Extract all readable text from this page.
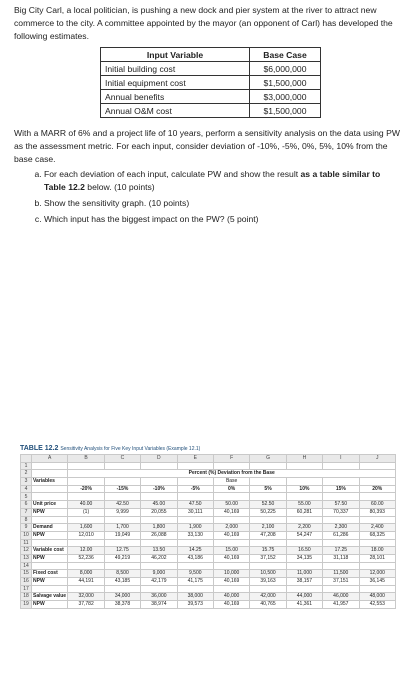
Big City Carl, a local politician, is pushing a new dock and pier system at the river to attract new commerce to the city. A committee appointed by the mayor (an opponent of Carl) has developed the following estimates.
Input Variable	Base Case
Initial building cost	$6,000,000
Initial equipment cost	$1,500,000
Annual benefits	$3,000,000
Annual O&M cost	$1,500,000
With a MARR of 6% and a project life of 10 years, perform a sensitivity analysis on the data using PW as the assessment metric. For each input, consider deviation of -10%, -5%, 0%, 5%, 10% from the base case.
a. For each deviation of each input, calculate PW and show the result as a table similar to Table 12.2 below. (10 points)
b. Show the sensitivity graph. (10 points)
c. Which input has the biggest impact on the PW? (5 point)
TABLE 12.2 Sensitivity Analysis for Five Key Input Variables (Example 12.1)
	A	B	C	D	E	F	G	H	I	J
1										
2		Percent (%) Deviation from the Base								
3	Variables					Base				
4		-20%	-15%	-10%	-5%	0%	5%	10%	15%	20%
5										
6	Unit price	40.00	42.50	45.00	47.50	50.00	52.50	55.00	57.50	60.00
7	NPW	(1)	9,999	20,055	30,111	40,169	50,225	60,281	70,337	80,393
8										
9	Demand	1,600	1,700	1,800	1,900	2,000	2,100	2,200	2,300	2,400
10	NPW	12,010	19,049	26,088	33,130	40,169	47,208	54,247	61,286	68,325
11										
12	Variable cost	12.00	12.75	13.50	14.25	15.00	15.75	16.50	17.25	18.00
13	NPW	52,236	49,219	46,202	43,186	40,169	37,152	34,135	31,118	28,101
14										
15	Fixed cost	8,000	8,500	9,000	9,500	10,000	10,500	11,000	11,500	12,000
16	NPW	44,191	43,185	42,179	41,175	40,169	39,163	38,157	37,151	36,145
17										
18	Salvage value	32,000	34,000	36,000	38,000	40,000	42,000	44,000	46,000	48,000
19	NPW	37,782	38,378	38,974	39,573	40,169	40,765	41,361	41,957	42,553
